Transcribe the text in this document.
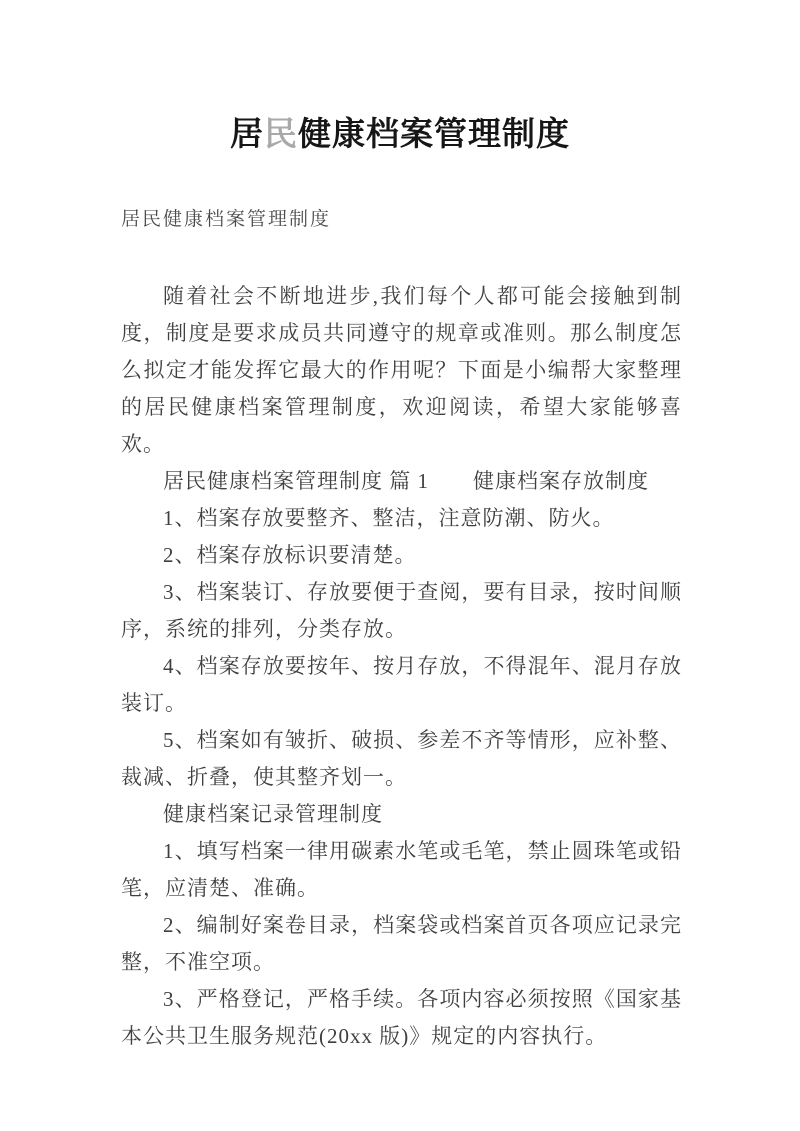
居民健康档案管理制度
居民健康档案管理制度

随着社会不断地进步,我们每个人都可能会接触到制度，制度是要求成员共同遵守的规章或准则。那么制度怎么拟定才能发挥它最大的作用呢？下面是小编帮大家整理的居民健康档案管理制度，欢迎阅读，希望大家能够喜欢。

居民健康档案管理制度 篇 1　　健康档案存放制度

1、档案存放要整齐、整洁，注意防潮、防火。

2、档案存放标识要清楚。

3、档案装订、存放要便于查阅，要有目录，按时间顺序，系统的排列，分类存放。

4、档案存放要按年、按月存放，不得混年、混月存放装订。

5、档案如有皱折、破损、参差不齐等情形，应补整、裁减、折叠，使其整齐划一。

健康档案记录管理制度

1、填写档案一律用碳素水笔或毛笔，禁止圆珠笔或铅笔，应清楚、准确。

2、编制好案卷目录，档案袋或档案首页各项应记录完整，不准空项。

3、严格登记，严格手续。各项内容必须按照《国家基本公共卫生服务规范(20xx 版)》规定的内容执行。
